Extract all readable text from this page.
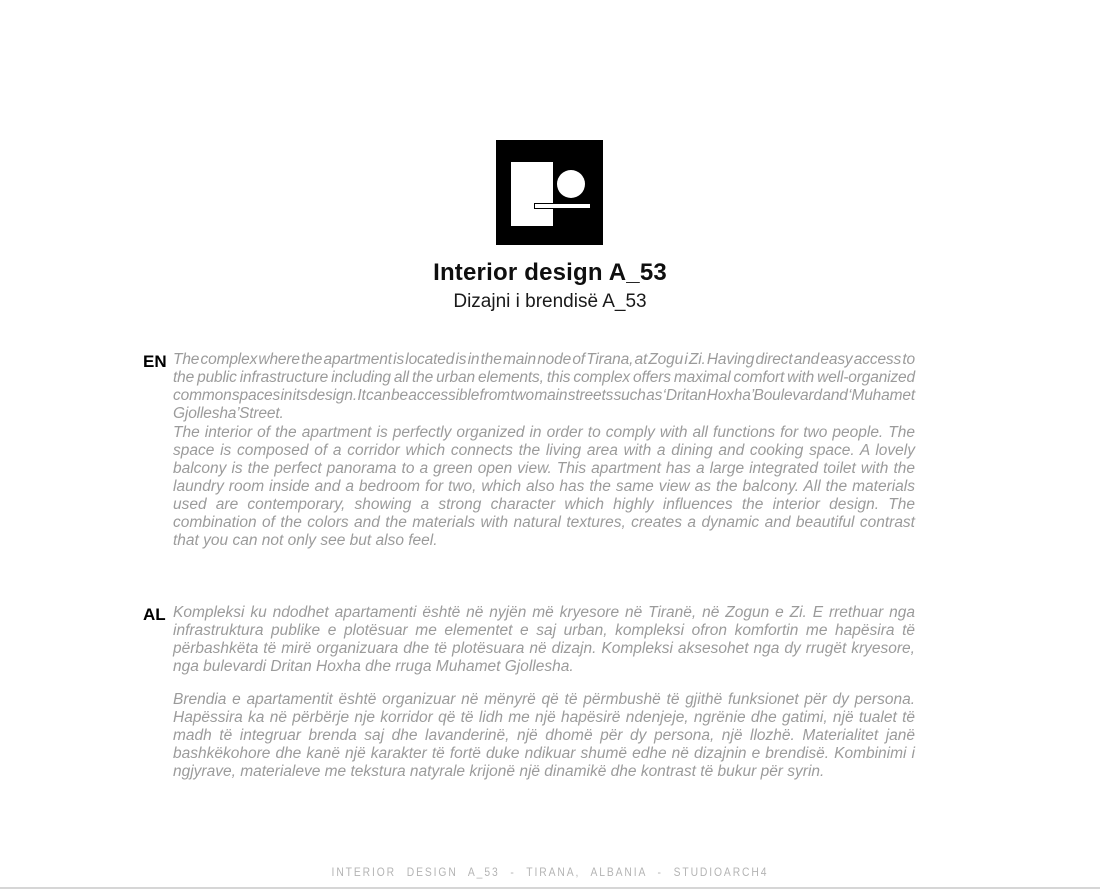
Interior design A_53
Dizajni i brendisë A_53
EN The complex where the apartment is located is in the main node of Tirana, at Zogu i Zi. Having direct and easy access to the public infrastructure including all the urban elements, this complex offers maximal comfort with well-organized common spaces in its design. It can be accessible from two main streets such as ‘Dritan Hoxha’ Boulevard and ‘Muhamet Gjollesha’ Street.
The interior of the apartment is perfectly organized in order to comply with all functions for two people. The space is composed of a corridor which connects the living area with a dining and cooking space. A lovely balcony is the perfect panorama to a green open view. This apartment has a large integrated toilet with the laundry room inside and a bedroom for two, which also has the same view as the balcony. All the materials used are contemporary, showing a strong character which highly influences the interior design. The combination of the colors and the materials with natural textures, creates a dynamic and beautiful contrast that you can not only see but also feel.
AL Kompleksi ku ndodhet apartamenti është në nyjën më kryesore në Tiranë, në Zogun e Zi. E rrethuar nga infrastruktura publike e plotësuar me elementet e saj urban, kompleksi ofron komfortin me hapësira të përbashkëta të mirë organizuara dhe të plotësuara në dizajn. Kompleksi aksesohet nga dy rrugët kryesore, nga bulevardi Dritan Hoxha dhe rruga Muhamet Gjollesha.
Brendia e apartamentit është organizuar në mënyrë që të përmbushë të gjithë funksionet për dy persona. Hapëssira ka në përbërje nje korridor që të lidh me një hapësirë ndenjeje, ngrënie dhe gatimi, një tualet të madh të integruar brenda saj dhe lavanderinë, një dhomë për dy persona, një llozhë. Materialitet janë bashkëkohore dhe kanë një karakter të fortë duke ndikuar shumë edhe në dizajnin e brendisë. Kombinimi i ngjyrave, materialeve me tekstura natyrale krijonë një dinamikë dhe kontrast të bukur për syrin.
INTERIOR DESIGN A_53 - TIRANA, ALBANIA - STUDIOARCH4
